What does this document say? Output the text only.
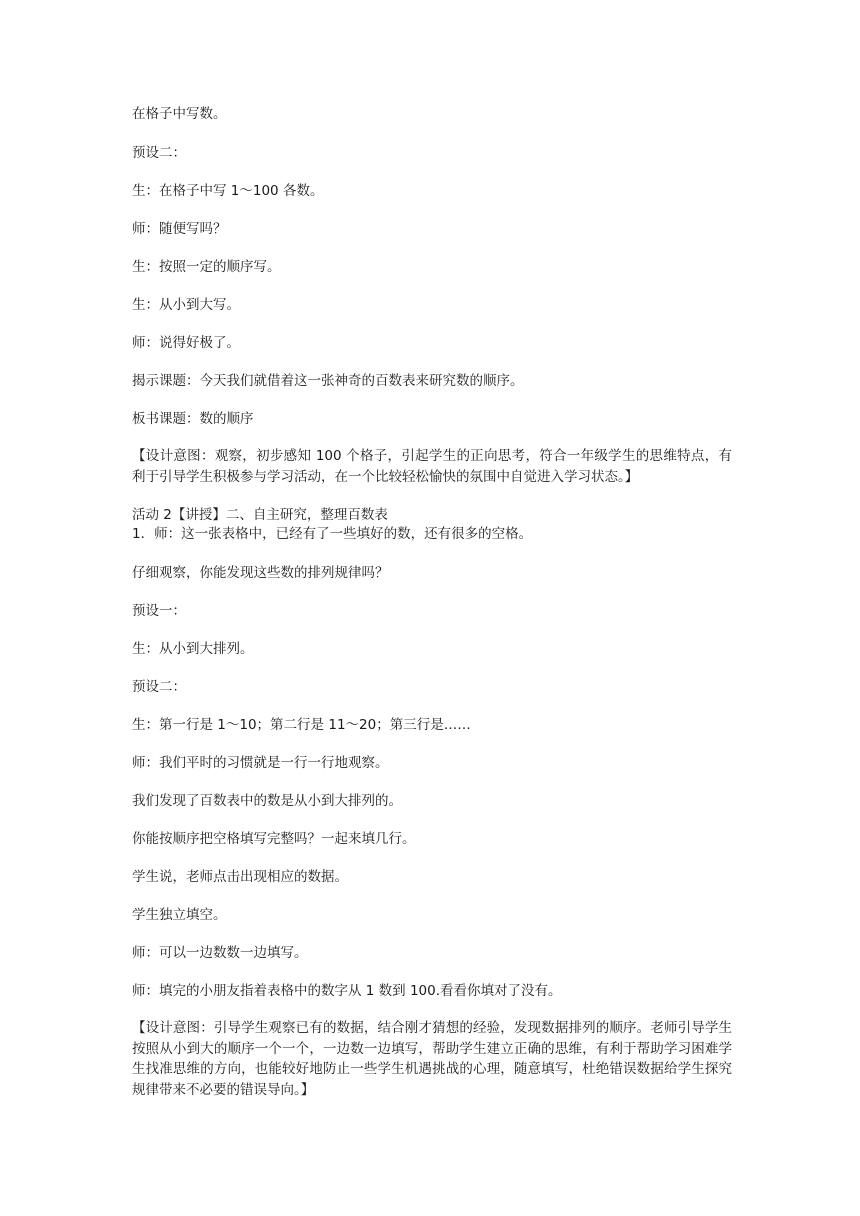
在格子中写数。
预设二：
生：在格子中写 1～100 各数。
师：随便写吗？
生：按照一定的顺序写。
生：从小到大写。
师：说得好极了。
揭示课题：今天我们就借着这一张神奇的百数表来研究数的顺序。
板书课题：数的顺序
【设计意图：观察，初步感知 100 个格子，引起学生的正向思考，符合一年级学生的思维特点，有利于引导学生积极参与学习活动，在一个比较轻松愉快的氛围中自觉进入学习状态。】
活动 2【讲授】二、自主研究，整理百数表
1．师：这一张表格中，已经有了一些填好的数，还有很多的空格。
仔细观察，你能发现这些数的排列规律吗？
预设一：
生：从小到大排列。
预设二：
生：第一行是 1～10；第二行是 11～20；第三行是……
师：我们平时的习惯就是一行一行地观察。
我们发现了百数表中的数是从小到大排列的。
你能按顺序把空格填写完整吗？一起来填几行。
学生说，老师点击出现相应的数据。
学生独立填空。
师：可以一边数数一边填写。
师：填完的小朋友指着表格中的数字从 1 数到 100.看看你填对了没有。
【设计意图：引导学生观察已有的数据，结合刚才猜想的经验，发现数据排列的顺序。老师引导学生按照从小到大的顺序一个一个，一边数一边填写，帮助学生建立正确的思维，有利于帮助学习困难学生找准思维的方向，也能较好地防止一些学生机遇挑战的心理，随意填写，杜绝错误数据给学生探究规律带来不必要的错误导向。】
